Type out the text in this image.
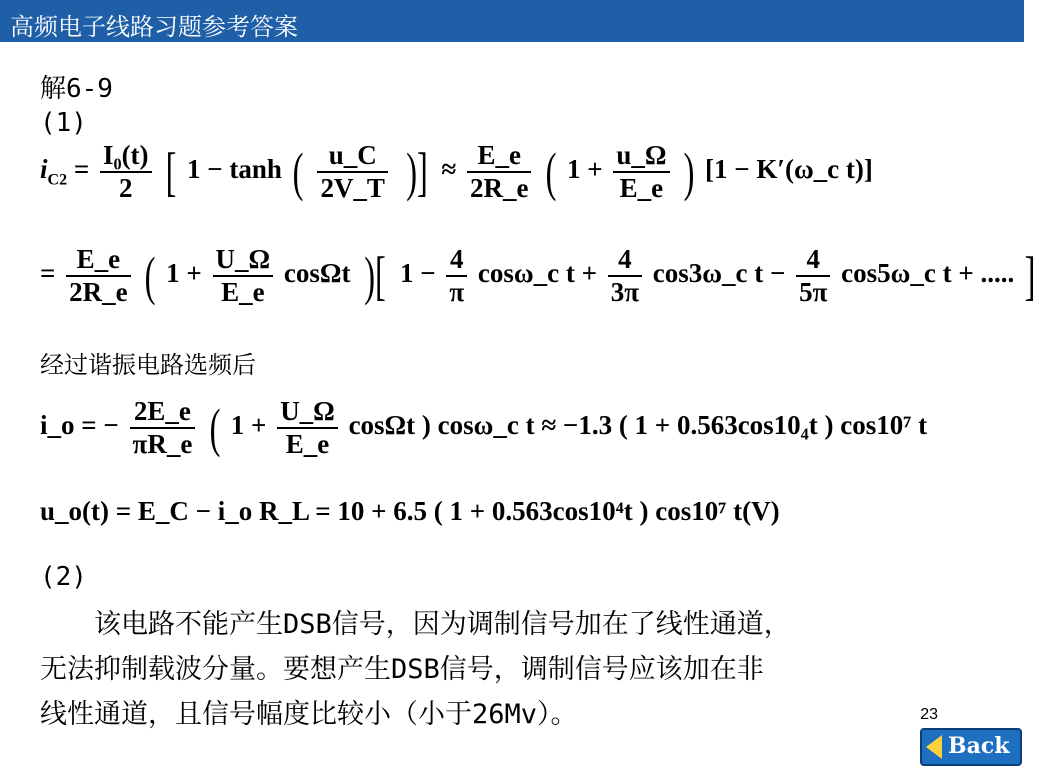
高频电子线路习题参考答案
解6-9
(1)
$i_{C2} = \frac{\text{I₀(t)}}{2}$ [ 1 − tanh ( $\frac{u\_C}{2V\_T}$ )] ≈ $\frac{E\_e}{2R\_e}$ ( $1 + \frac{u\_\Omega}{E\_e}$ ) [1 − K′(ω_c t)]
= $\frac{E\_e}{2R\_e}$ ( $1 + \frac{U\_\Omega}{E\_e}$ cosΩt )[ $1 - \frac{4}{\pi}$ cosω_c $t + \frac{4}{3\pi}$ cos3ω_c $t - \frac{4}{5\pi}$ cos5ω_c t + ..... ]
经过谐振电路选频后
i_o = − $\frac{2E\_e}{\pi R\_e}$ ( $1 + \frac{U\_\Omega}{E\_e}$ cosΩt ) cosω_c t ≈ −1.3 ( 1 + 0.563cos10₄t ) cos10⁷ t
u_o(t) = E_C − i_o R_L = 10 + 6.5 ( 1 + 0.563cos10⁴t ) cos10⁷ t(V)
(2)
　　该电路不能产生DSB信号，因为调制信号加在了线性通道，
无法抑制载波分量。要想产生DSB信号，调制信号应该加在非
线性通道，且信号幅度比较小（小于26Mv）。	23
Back
